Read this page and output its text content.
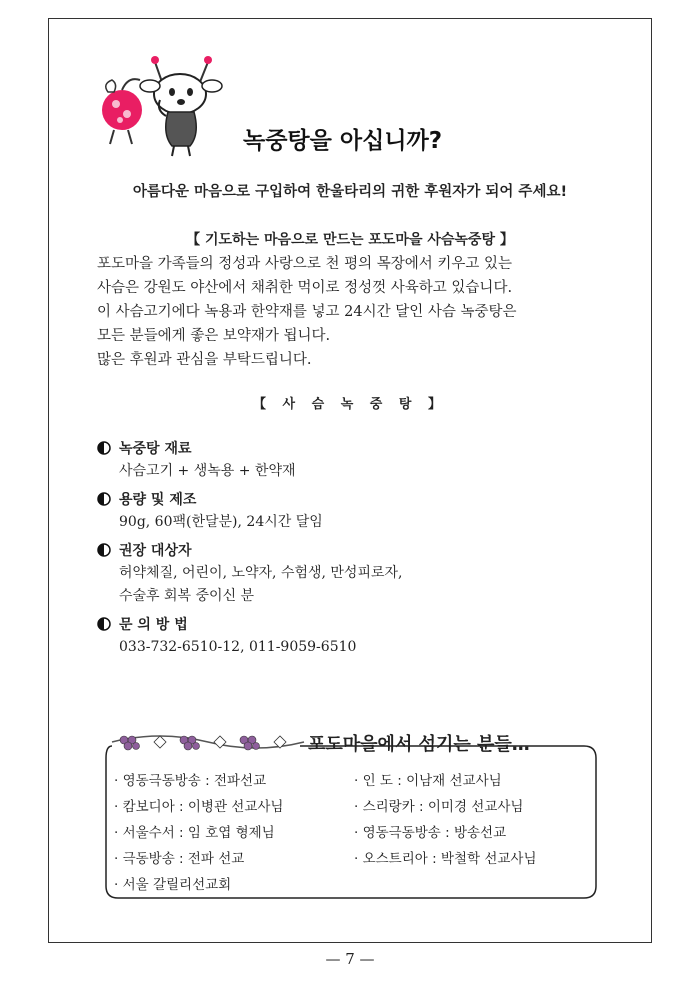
녹중탕을 아십니까?
아름다운 마음으로 구입하여 한울타리의 귀한 후원자가 되어 주세요!
【 기도하는 마음으로 만드는 포도마을 사슴녹중탕 】

포도마을 가족들의 정성과 사랑으로 천 평의 목장에서 키우고 있는

사슴은 강원도 야산에서 채취한 먹이로 정성껏 사육하고 있습니다.

이 사슴고기에다 녹용과 한약재를 넣고 24시간 달인 사슴 녹중탕은

모든 분들에게 좋은 보약재가 됩니다.

많은 후원과 관심을 부탁드립니다.

【 사 슴 녹 중 탕 】
녹중탕 재료
사슴고기 + 생녹용 + 한약재
용량 및 제조
90g, 60팩(한달분), 24시간 달임
권장 대상자
허약체질, 어린이, 노약자, 수험생, 만성피로자,
수술후 회복 중이신 분
문 의 방 법
033-732-6510-12, 011-9059-6510
포도마을에서 섬기는 분들…
· 영동극동방송 : 전파선교	· 인 도 : 이남재 선교사님
· 캄보디아 : 이병관 선교사님	· 스리랑카 : 이미경 선교사님
· 서울수서 : 임 호엽 형제님	· 영동극동방송 : 방송선교
· 극동방송 : 전파 선교	· 오스트리아 : 박철학 선교사님
· 서울 갈릴리선교회
— 7 —
